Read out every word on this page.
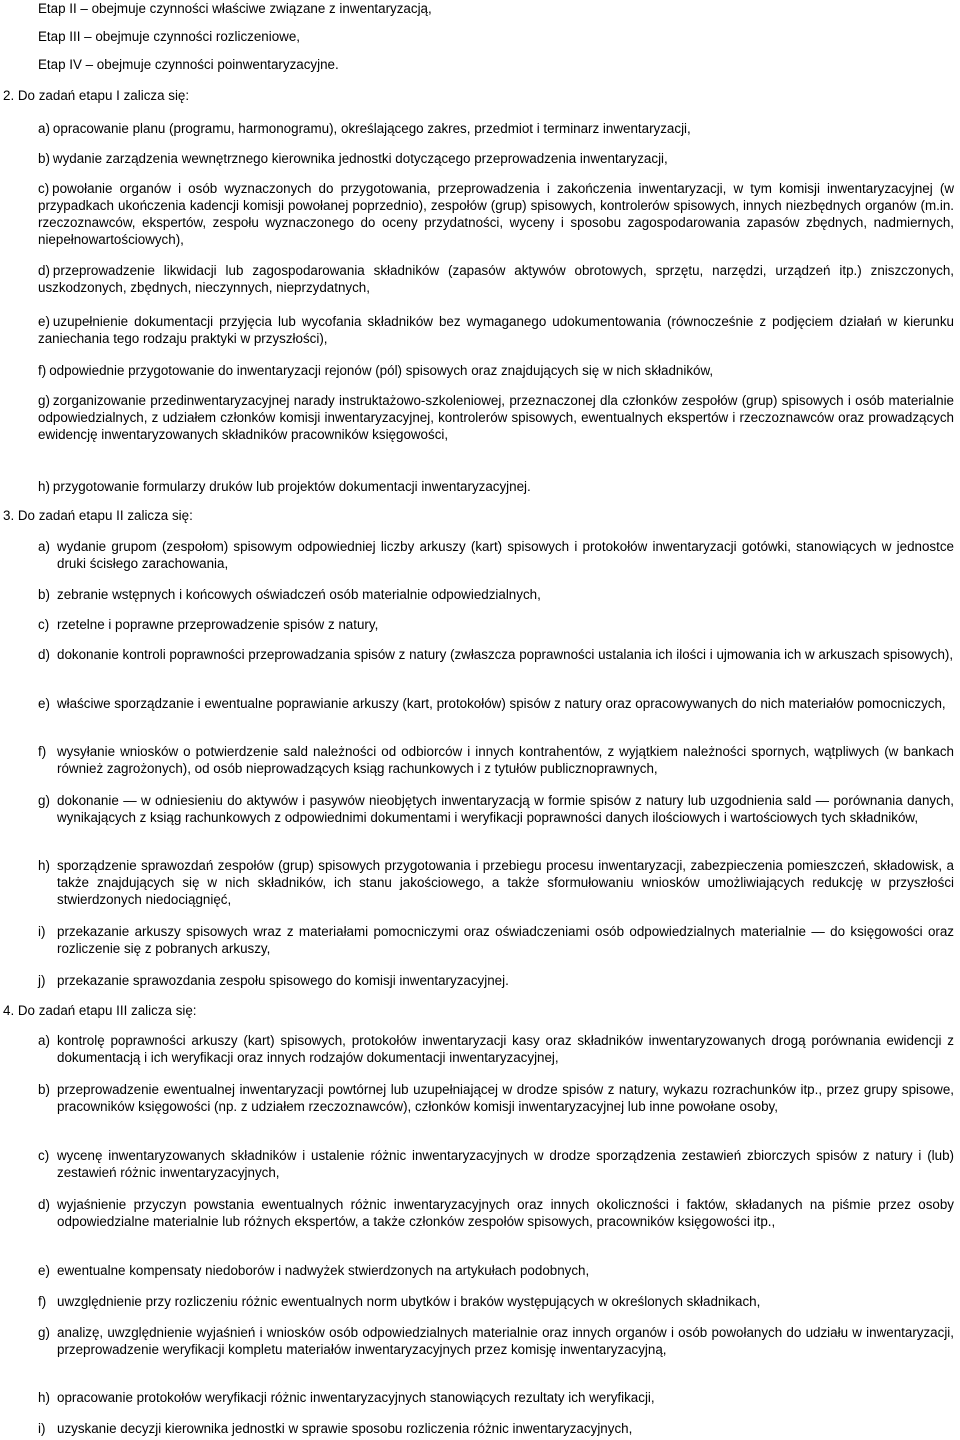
Etap II – obejmuje czynności właściwe związane z inwentaryzacją,
Etap III – obejmuje czynności rozliczeniowe,
Etap IV – obejmuje czynności poinwentaryzacyjne.
2. Do zadań etapu I zalicza się:
a) opracowanie planu (programu, harmonogramu), określającego zakres, przedmiot i terminarz inwentaryzacji,
b) wydanie zarządzenia wewnętrznego kierownika jednostki dotyczącego przeprowadzenia inwentaryzacji,
c) powołanie organów i osób wyznaczonych do przygotowania, przeprowadzenia i zakończenia inwentaryzacji, w tym komisji inwentaryzacyjnej (w przypadkach ukończenia kadencji komisji powołanej poprzednio), zespołów (grup) spisowych, kontrolerów spisowych, innych niezbędnych organów (m.in. rzeczoznawców, ekspertów, zespołu wyznaczonego do oceny przydatności, wyceny i sposobu zagospodarowania zapasów zbędnych, nadmiernych, niepełnowartościowych),
d) przeprowadzenie likwidacji lub zagospodarowania składników (zapasów aktywów obrotowych, sprzętu, narzędzi, urządzeń itp.) zniszczonych, uszkodzonych, zbędnych, nieczynnych, nieprzydatnych,
e) uzupełnienie dokumentacji przyjęcia lub wycofania składników bez wymaganego udokumentowania (równocześnie z podjęciem działań w kierunku zaniechania tego rodzaju praktyki w przyszłości),
f) odpowiednie przygotowanie do inwentaryzacji rejonów (pól) spisowych oraz znajdujących się w nich składników,
g) zorganizowanie przedinwentaryzacyjnej narady instruktażowo-szkoleniowej, przeznaczonej dla członków zespołów (grup) spisowych i osób materialnie odpowiedzialnych, z udziałem członków komisji inwentaryzacyjnej, kontrolerów spisowych, ewentualnych ekspertów i rzeczoznawców oraz prowadzących ewidencję inwentaryzowanych składników pracowników księgowości,
h) przygotowanie formularzy druków lub projektów dokumentacji inwentaryzacyjnej.
3. Do zadań etapu II zalicza się:
a) wydanie grupom (zespołom) spisowym odpowiedniej liczby arkuszy (kart) spisowych i protokołów inwentaryzacji gotówki, stanowiących w jednostce druki ścisłego zarachowania,
b) zebranie wstępnych i końcowych oświadczeń osób materialnie odpowiedzialnych,
c) rzetelne i poprawne przeprowadzenie spisów z natury,
d) dokonanie kontroli poprawności przeprowadzania spisów z natury (zwłaszcza poprawności ustalania ich ilości i ujmowania ich w arkuszach spisowych),
e) właściwe sporządzanie i ewentualne poprawianie arkuszy (kart, protokołów) spisów z natury oraz opracowywanych do nich materiałów pomocniczych,
f) wysyłanie wniosków o potwierdzenie sald należności od odbiorców i innych kontrahentów, z wyjątkiem należności spornych, wątpliwych (w bankach również zagrożonych), od osób nieprowadzących ksiąg rachunkowych i z tytułów publicznoprawnych,
g) dokonanie — w odniesieniu do aktywów i pasywów nieobjętych inwentaryzacją w formie spisów z natury lub uzgodnienia sald — porównania danych, wynikających z ksiąg rachunkowych z odpowiednimi dokumentami i weryfikacji poprawności danych ilościowych i wartościowych tych składników,
h) sporządzenie sprawozdań zespołów (grup) spisowych przygotowania i przebiegu procesu inwentaryzacji, zabezpieczenia pomieszczeń, składowisk, a także znajdujących się w nich składników, ich stanu jakościowego, a także sformułowaniu wniosków umożliwiających redukcję w przyszłości stwierdzonych niedociągnięć,
i) przekazanie arkuszy spisowych wraz z materiałami pomocniczymi oraz oświadczeniami osób odpowiedzialnych materialnie — do księgowości oraz rozliczenie się z pobranych arkuszy,
j) przekazanie sprawozdania zespołu spisowego do komisji inwentaryzacyjnej.
4. Do zadań etapu III zalicza się:
a) kontrolę poprawności arkuszy (kart) spisowych, protokołów inwentaryzacji kasy oraz składników inwentaryzowanych drogą porównania ewidencji z dokumentacją i ich weryfikacji oraz innych rodzajów dokumentacji inwentaryzacyjnej,
b) przeprowadzenie ewentualnej inwentaryzacji powtórnej lub uzupełniającej w drodze spisów z natury, wykazu rozrachunków itp., przez grupy spisowe, pracowników księgowości (np. z udziałem rzeczoznawców), członków komisji inwentaryzacyjnej lub inne powołane osoby,
c) wycenę inwentaryzowanych składników i ustalenie różnic inwentaryzacyjnych w drodze sporządzenia zestawień zbiorczych spisów z natury i (lub) zestawień różnic inwentaryzacyjnych,
d) wyjaśnienie przyczyn powstania ewentualnych różnic inwentaryzacyjnych oraz innych okoliczności i faktów, składanych na piśmie przez osoby odpowiedzialne materialnie lub różnych ekspertów, a także członków zespołów spisowych, pracowników księgowości itp.,
e) ewentualne kompensaty niedoborów i nadwyżek stwierdzonych na artykułach podobnych,
f) uwzględnienie przy rozliczeniu różnic ewentualnych norm ubytków i braków występujących w określonych składnikach,
g) analizę, uwzględnienie wyjaśnień i wniosków osób odpowiedzialnych materialnie oraz innych organów i osób powołanych do udziału w inwentaryzacji, przeprowadzenie weryfikacji kompletu materiałów inwentaryzacyjnych przez komisję inwentaryzacyjną,
h) opracowanie protokołów weryfikacji różnic inwentaryzacyjnych stanowiących rezultaty ich weryfikacji,
i) uzyskanie decyzji kierownika jednostki w sprawie sposobu rozliczenia różnic inwentaryzacyjnych,
